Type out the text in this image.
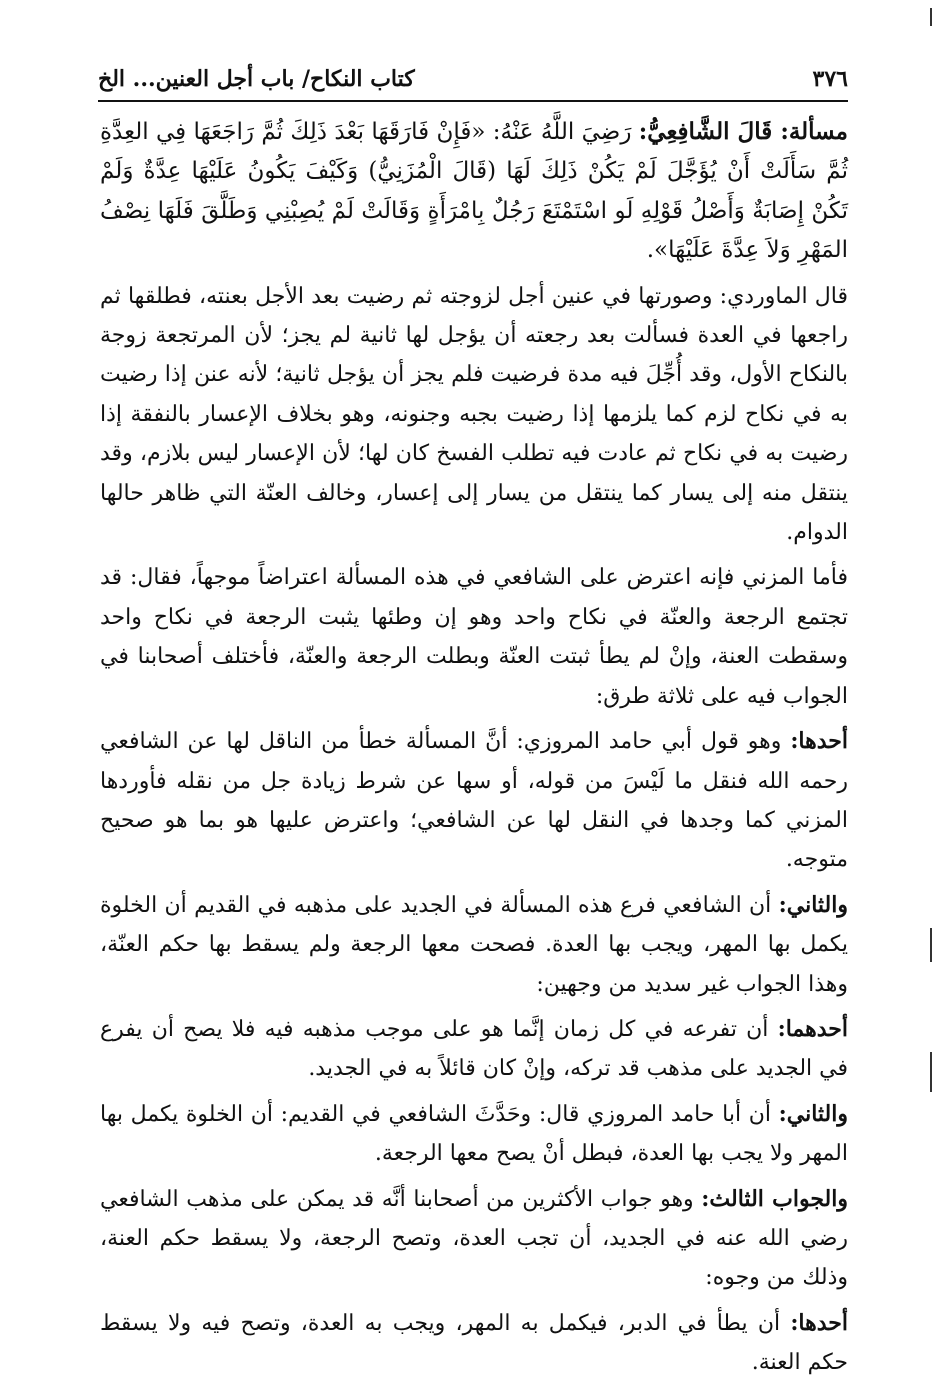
٣٧٦
كتاب النكاح/ باب أجل العنين... الخ

مسألة: قَالَ الشَّافِعِيُّ: رَضِيَ اللَّهُ عَنْهُ: «فَإِنْ فَارَقَهَا بَعْدَ ذَلِكَ ثُمَّ رَاجَعَهَا فِي العِدَّةِ ثُمَّ سَأَلَتْ أَنْ يُؤَجَّلَ لَمْ يَكُنْ ذَلِكَ لَهَا (قَالَ الْمُزَنِيُّ) وَكَيْفَ يَكُونُ عَلَيْهَا عِدَّةٌ وَلَمْ تَكُنْ إِصَابَةٌ وَأَصْلُ قَوْلِهِ لَو اسْتَمْتَعَ رَجُلٌ بِامْرَأَةٍ وَقَالَتْ لَمْ يُصِبْنِي وَطَلَّقَ فَلَهَا نِصْفُ المَهْرِ وَلاَ عِدَّةَ عَلَيْهَا».

قال الماوردي: وصورتها في عنين أجل لزوجته ثم رضيت بعد الأجل بعنته، فطلقها ثم راجعها في العدة فسألت بعد رجعته أن يؤجل لها ثانية لم يجز؛ لأن المرتجعة زوجة بالنكاح الأول، وقد أُجِّلَ فيه مدة فرضيت فلم يجز أن يؤجل ثانية؛ لأنه عنن إذا رضيت به في نكاح لزم كما يلزمها إذا رضيت بجبه وجنونه، وهو بخلاف الإعسار بالنفقة إذا رضيت به في نكاح ثم عادت فيه تطلب الفسخ كان لها؛ لأن الإعسار ليس بلازم، وقد ينتقل منه إلى يسار كما ينتقل من يسار إلى إعسار، وخالف العنّة التي ظاهر حالها الدوام.

فأما المزني فإنه اعترض على الشافعي في هذه المسألة اعتراضاً موجهاً، فقال: قد تجتمع الرجعة والعنّة في نكاح واحد وهو إن وطئها يثبت الرجعة في نكاح واحد وسقطت العنة، وإنْ لم يطأ ثبتت العنّة وبطلت الرجعة والعنّة، فأختلف أصحابنا في الجواب فيه على ثلاثة طرق:

أحدها: وهو قول أبي حامد المروزي: أنَّ المسألة خطأ من الناقل لها عن الشافعي رحمه الله فنقل ما لَيْسَ من قوله، أو سها عن شرط زيادة جل من نقله فأوردها المزني كما وجدها في النقل لها عن الشافعي؛ واعترض عليها هو بما هو صحيح متوجه.

والثاني: أن الشافعي فرع هذه المسألة في الجديد على مذهبه في القديم أن الخلوة يكمل بها المهر، ويجب بها العدة. فصحت معها الرجعة ولم يسقط بها حكم العنّة، وهذا الجواب غير سديد من وجهين:

أحدهما: أن تفرعه في كل زمان إنَّما هو على موجب مذهبه فيه فلا يصح أن يفرع في الجديد على مذهب قد تركه، وإنْ كان قائلاً به في الجديد.

والثاني: أن أبا حامد المروزي قال: وحَدَّثَ الشافعي في القديم: أن الخلوة يكمل بها المهر ولا يجب بها العدة، فبطل أنْ يصح معها الرجعة.

والجواب الثالث: وهو جواب الأكثرين من أصحابنا أنَّه قد يمكن على مذهب الشافعي رضي الله عنه في الجديد، أن تجب العدة، وتصح الرجعة، ولا يسقط حكم العنة، وذلك من وجوه:

أحدها: أن يطأ في الدبر، فيكمل به المهر، ويجب به العدة، وتصح فيه ولا يسقط حكم العنة.
